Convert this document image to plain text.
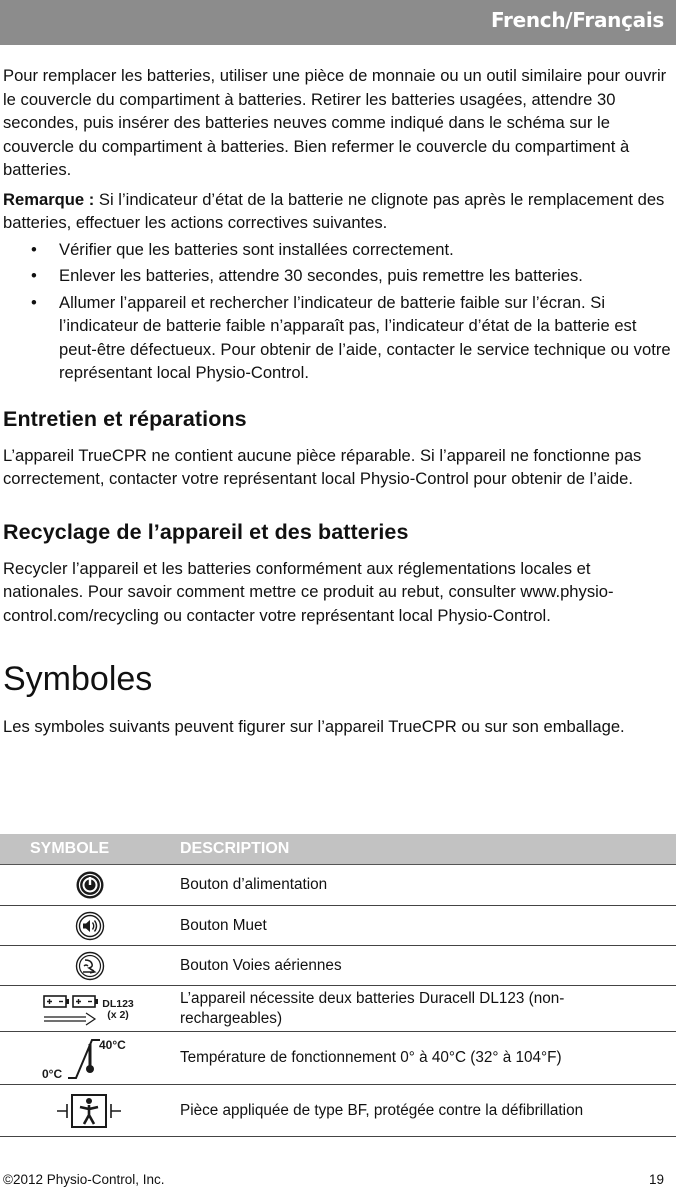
French/Français

Pour remplacer les batteries, utiliser une pièce de monnaie ou un outil similaire pour ouvrir le couvercle du compartiment à batteries. Retirer les batteries usagées, attendre 30 secondes, puis insérer des batteries neuves comme indiqué dans le schéma sur le couvercle du compartiment à batteries. Bien refermer le couvercle du compartiment à batteries.

Remarque : Si l’indicateur d’état de la batterie ne clignote pas après le remplacement des batteries, effectuer les actions correctives suivantes.

• Vérifier que les batteries sont installées correctement.
• Enlever les batteries, attendre 30 secondes, puis remettre les batteries.
• Allumer l’appareil et rechercher l’indicateur de batterie faible sur l’écran. Si l’indicateur de batterie faible n’apparaît pas, l’indicateur d’état de la batterie est peut-être défectueux. Pour obtenir de l’aide, contacter le service technique ou votre représentant local Physio-Control.
Entretien et réparations

L’appareil TrueCPR ne contient aucune pièce réparable. Si l’appareil ne fonctionne pas correctement, contacter votre représentant local Physio-Control pour obtenir de l’aide.

Recyclage de l’appareil et des batteries

Recycler l’appareil et les batteries conformément aux réglementations locales et nationales. Pour savoir comment mettre ce produit au rebut, consulter www.physio-control.com/recycling ou contacter votre représentant local Physio-Control.

Symboles

Les symboles suivants peuvent figurer sur l’appareil TrueCPR ou sur son emballage.

SYMBOLE	DESCRIPTION
	Bouton d’alimentation
	Bouton Muet
	Bouton Voies aériennes

DL123
(x 2)	L’appareil nécessite deux batteries Duracell DL123 (non-rechargeables)

40°C
0°C	Température de fonctionnement 0° à 40°C (32° à 104°F)
	Pièce appliquée de type BF, protégée contre la défibrillation
©2012 Physio-Control, Inc.	19
